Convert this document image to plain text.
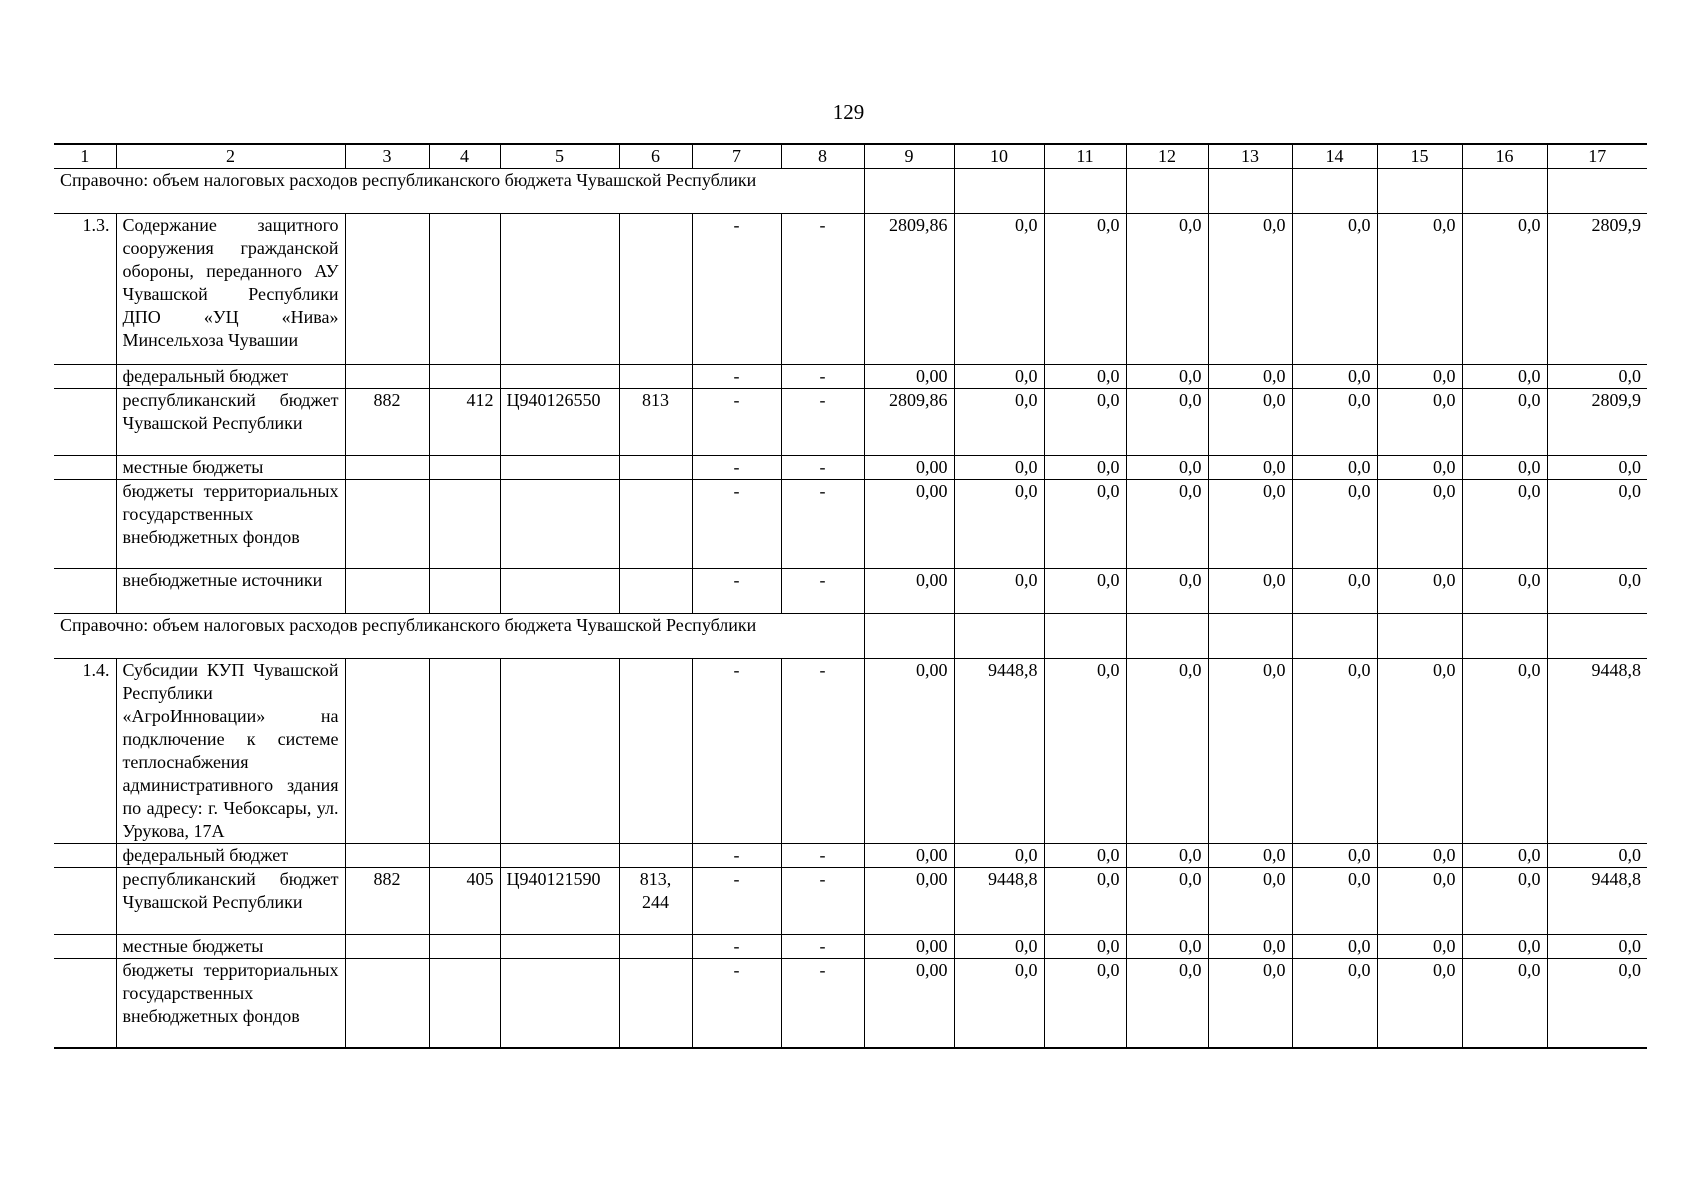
129
1	2	3	4	5	6	7	8	9	10	11	12	13	14	15	16	17
Справочно: объем налоговых расходов республиканского бюджета Чувашской Республики																
1.3.	Содержание защитного сооружения гражданской обороны, переданного АУ Чувашской Республики ДПО «УЦ «Нива» Минсельхоза Чувашии					-	-	2809,86	0,0	0,0	0,0	0,0	0,0	0,0	0,0	2809,9
	федеральный бюджет					-	-	0,00	0,0	0,0	0,0	0,0	0,0	0,0	0,0	0,0
	республиканский бюджет Чувашской Республики	882	412	Ц940126550	813	-	-	2809,86	0,0	0,0	0,0	0,0	0,0	0,0	0,0	2809,9
	местные бюджеты					-	-	0,00	0,0	0,0	0,0	0,0	0,0	0,0	0,0	0,0
	бюджеты территориальных государственных внебюджетных фондов					-	-	0,00	0,0	0,0	0,0	0,0	0,0	0,0	0,0	0,0
	внебюджетные источники					-	-	0,00	0,0	0,0	0,0	0,0	0,0	0,0	0,0	0,0
Справочно: объем налоговых расходов республиканского бюджета Чувашской Республики																
1.4.	Субсидии КУП Чувашской Республики «АгроИнновации» на подключение к системе теплоснабжения административного здания по адресу: г. Чебоксары, ул. Урукова, 17А					-	-	0,00	9448,8	0,0	0,0	0,0	0,0	0,0	0,0	9448,8
	федеральный бюджет					-	-	0,00	0,0	0,0	0,0	0,0	0,0	0,0	0,0	0,0
	республиканский бюджет Чувашской Республики	882	405	Ц940121590	813, 244	-	-	0,00	9448,8	0,0	0,0	0,0	0,0	0,0	0,0	9448,8
	местные бюджеты					-	-	0,00	0,0	0,0	0,0	0,0	0,0	0,0	0,0	0,0
	бюджеты территориальных государственных внебюджетных фондов					-	-	0,00	0,0	0,0	0,0	0,0	0,0	0,0	0,0	0,0
